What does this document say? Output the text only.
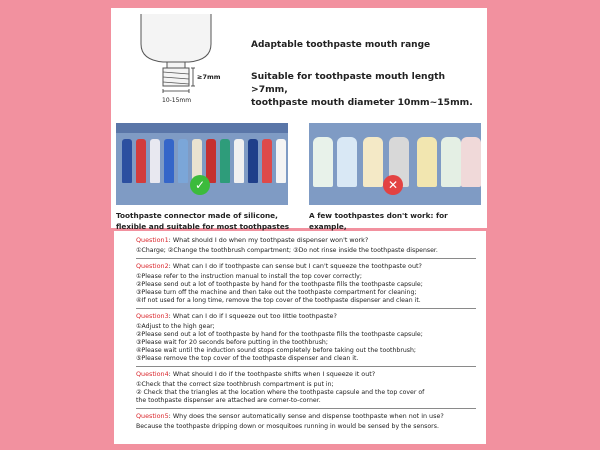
≥7mm
10-15mm
Adaptable toothpaste mouth range
Suitable for toothpaste mouth length >7mm,
toothpaste mouth diameter 10mm~15mm.
✓	✕
Toothpaste connector made of silicone,
flexible and suitable for most toothpastes
A few toothpastes don't work: for example,
Question1: What should I do when my toothpaste dispenser won't work?
①Charge; ②Change the toothbrush compartment; ③Do not rinse inside the toothpaste dispenser.
Question2: What can I do if toothpaste can sense but I can't squeeze the toothpaste out?
①Please refer to the instruction manual to install the top cover correctly;
②Please send out a lot of toothpaste by hand for the toothpaste fills the toothpaste capsule;
③Please turn off the machine and then take out the toothpaste compartment for cleaning;
④If not used for a long time, remove the top cover of the toothpaste dispenser and clean it.
Question3: What can I do if I squeeze out too little toothpaste?
①Adjust to the high gear;
②Please send out a lot of toothpaste by hand for the toothpaste fills the toothpaste capsule;
③Please wait for 20 seconds before putting in the toothbrush;
④Please wait until the induction sound stops completely before taking out the toothbrush;
⑤Please remove the top cover of the toothpaste dispenser and clean it.
Question4: What should I do if the toothpaste shifts when I squeeze it out?
①Check that the correct size toothbrush compartment is put in;
② Check that the triangles at the location where the toothpaste capsule and the top cover of
the toothpaste dispenser are attached are corner-to-corner.
Question5: Why does the sensor automatically sense and dispense toothpaste when not in use?
Because the toothpaste dripping down or mosquitoes running in would be sensed by the sensors.
